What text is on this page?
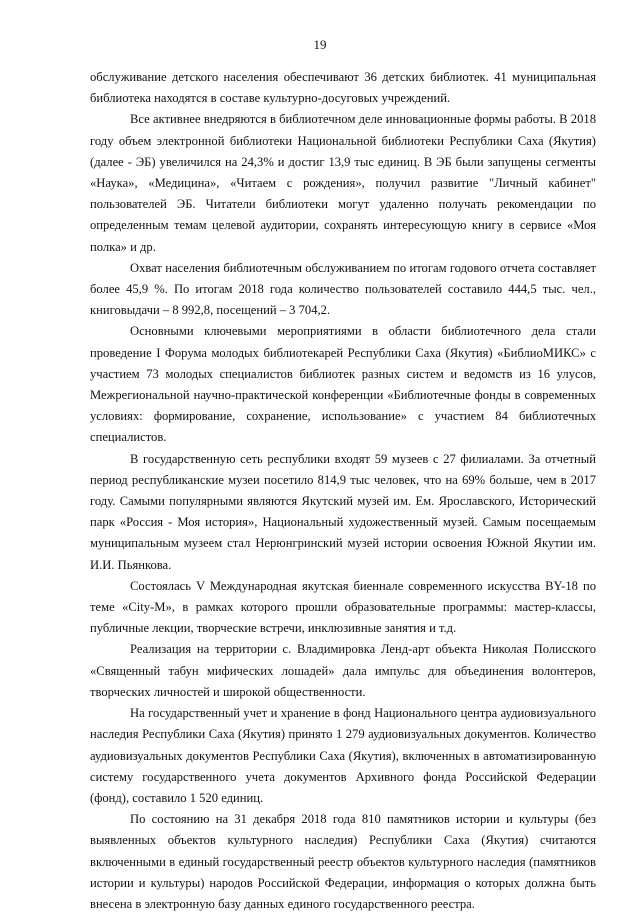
19

обслуживание детского населения обеспечивают 36 детских библиотек. 41 муниципальная библиотека находятся в составе культурно-досуговых учреждений.

Все активнее внедряются в библиотечном деле инновационные формы работы. В 2018 году объем электронной библиотеки Национальной библиотеки Республики Саха (Якутия) (далее - ЭБ) увеличился на 24,3% и достиг 13,9 тыс единиц. В ЭБ были запущены сегменты «Наука», «Медицина», «Читаем с рождения», получил развитие "Личный кабинет" пользователей ЭБ. Читатели библиотеки могут удаленно получать рекомендации по определенным темам целевой аудитории, сохранять интересующую книгу в сервисе «Моя полка» и др.

Охват населения библиотечным обслуживанием по итогам годового отчета составляет более 45,9 %. По итогам 2018 года количество пользователей составило 444,5 тыс. чел., книговыдачи – 8 992,8, посещений – 3 704,2.

Основными ключевыми мероприятиями в области библиотечного дела стали проведение I Форума молодых библиотекарей Республики Саха (Якутия) «БиблиоМИКС» с участием 73 молодых специалистов библиотек разных систем и ведомств из 16 улусов, Межрегиональной научно-практической конференции «Библиотечные фонды в современных условиях: формирование, сохранение, использование» с участием 84 библиотечных специалистов.

В государственную сеть республики входят 59 музеев с 27 филиалами. За отчетный период республиканские музеи посетило 814,9 тыс человек, что на 69% больше, чем в 2017 году. Самыми популярными являются Якутский музей им. Ем. Ярославского, Исторический парк «Россия - Моя история», Национальный художественный музей. Самым посещаемым муниципальным музеем стал Нерюнгринский музей истории освоения Южной Якутии им. И.И. Пьянкова.

Состоялась V Международная якутская биеннале современного искусства BY-18 по теме «City-M», в рамках которого прошли образовательные программы: мастер-классы, публичные лекции, творческие встречи, инклюзивные занятия и т.д.

Реализация на территории с. Владимировка Ленд-арт объекта Николая Полисского «Священный табун мифических лошадей» дала импульс для объединения волонтеров, творческих личностей и широкой общественности.

На государственный учет и хранение в фонд Национального центра аудиовизуального наследия Республики Саха (Якутия) принято 1 279 аудиовизуальных документов. Количество аудиовизуальных документов Республики Саха (Якутия), включенных в автоматизированную систему государственного учета документов Архивного фонда Российской Федерации (фонд), составило 1 520 единиц.

По состоянию на 31 декабря 2018 года 810 памятников истории и культуры (без выявленных объектов культурного наследия) Республики Саха (Якутия) считаются включенными в единый государственный реестр объектов культурного наследия (памятников истории и культуры) народов Российской Федерации, информация о которых должна быть внесена в электронную базу данных единого государственного реестра.
